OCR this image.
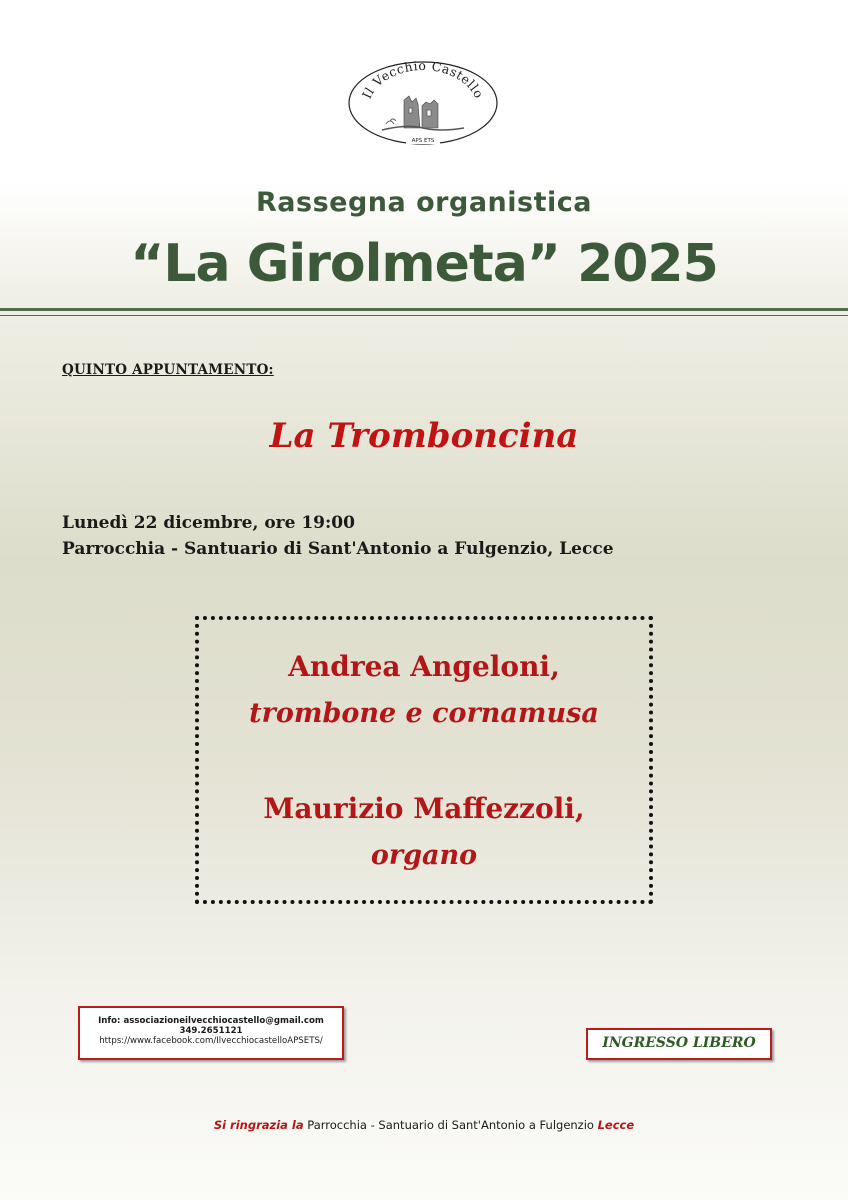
Il Vecchio Castello
APS ETS
Rassegna organistica
“La Girolmeta” 2025
QUINTO APPUNTAMENTO:
La Tromboncina
Lunedì 22 dicembre, ore 19:00
Parrocchia - Santuario di Sant'Antonio a Fulgenzio, Lecce
Andrea Angeloni,
trombone e cornamusa
Maurizio Maffezzoli,
organo
Info: associazioneilvecchiocastello@gmail.com
349.2651121
https://www.facebook.com/IlvecchiocastelloAPSETS/	INGRESSO LIBERO
Si ringrazia la Parrocchia - Santuario di Sant'Antonio a Fulgenzio Lecce
